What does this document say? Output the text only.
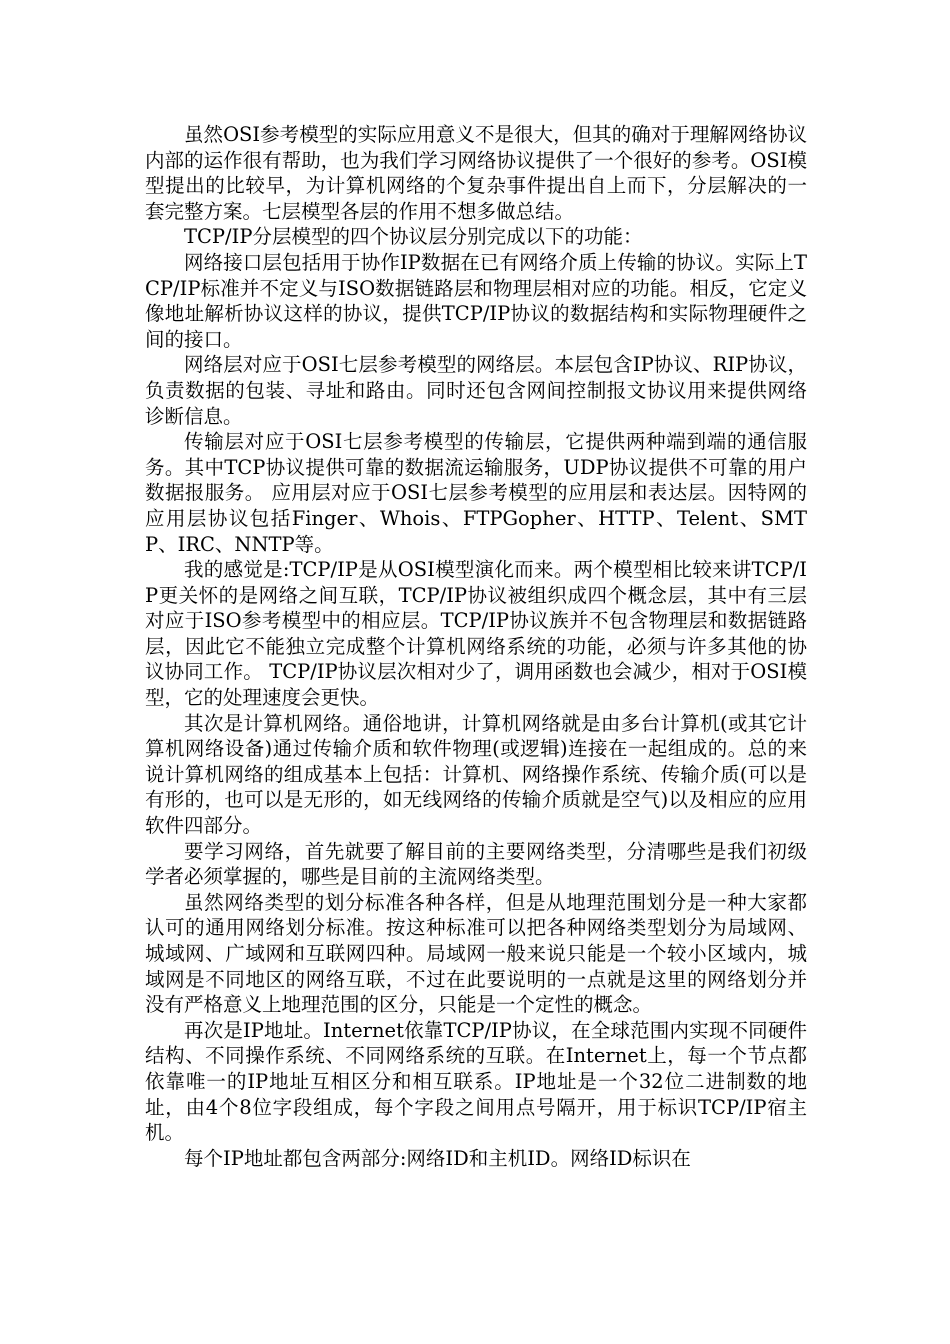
虽然OSI参考模型的实际应用意义不是很大，但其的确对于理解网络协议内部的运作很有帮助，也为我们学习网络协议提供了一个很好的参考。OSI模型提出的比较早，为计算机网络的个复杂事件提出自上而下，分层解决的一套完整方案。七层模型各层的作用不想多做总结。

TCP/IP分层模型的四个协议层分别完成以下的功能：

网络接口层包括用于协作IP数据在已有网络介质上传输的协议。实际上TCP/IP标准并不定义与ISO数据链路层和物理层相对应的功能。相反，它定义像地址解析协议这样的协议，提供TCP/IP协议的数据结构和实际物理硬件之间的接口。

网络层对应于OSI七层参考模型的网络层。本层包含IP协议、RIP协议，负责数据的包装、寻址和路由。同时还包含网间控制报文协议用来提供网络诊断信息。

传输层对应于OSI七层参考模型的传输层，它提供两种端到端的通信服务。其中TCP协议提供可靠的数据流运输服务，UDP协议提供不可靠的用户数据报服务。 应用层对应于OSI七层参考模型的应用层和表达层。因特网的应用层协议包括Finger、Whois、FTPGopher、HTTP、Telent、SMTP、IRC、NNTP等。

我的感觉是:TCP/IP是从OSI模型演化而来。两个模型相比较来讲TCP/IP更关怀的是网络之间互联，TCP/IP协议被组织成四个概念层，其中有三层对应于ISO参考模型中的相应层。TCP/IP协议族并不包含物理层和数据链路层，因此它不能独立完成整个计算机网络系统的功能，必须与许多其他的协议协同工作。 TCP/IP协议层次相对少了，调用函数也会减少，相对于OSI模型，它的处理速度会更快。

其次是计算机网络。通俗地讲，计算机网络就是由多台计算机(或其它计算机网络设备)通过传输介质和软件物理(或逻辑)连接在一起组成的。总的来说计算机网络的组成基本上包括：计算机、网络操作系统、传输介质(可以是有形的，也可以是无形的，如无线网络的传输介质就是空气)以及相应的应用软件四部分。

要学习网络，首先就要了解目前的主要网络类型，分清哪些是我们初级学者必须掌握的，哪些是目前的主流网络类型。

虽然网络类型的划分标准各种各样，但是从地理范围划分是一种大家都认可的通用网络划分标准。按这种标准可以把各种网络类型划分为局域网、城域网、广域网和互联网四种。局域网一般来说只能是一个较小区域内，城域网是不同地区的网络互联，不过在此要说明的一点就是这里的网络划分并没有严格意义上地理范围的区分，只能是一个定性的概念。

再次是IP地址。Internet依靠TCP/IP协议，在全球范围内实现不同硬件结构、不同操作系统、不同网络系统的互联。在Internet上，每一个节点都依靠唯一的IP地址互相区分和相互联系。IP地址是一个32位二进制数的地址，由4个8位字段组成，每个字段之间用点号隔开，用于标识TCP/IP宿主机。

每个IP地址都包含两部分:网络ID和主机ID。网络ID标识在
